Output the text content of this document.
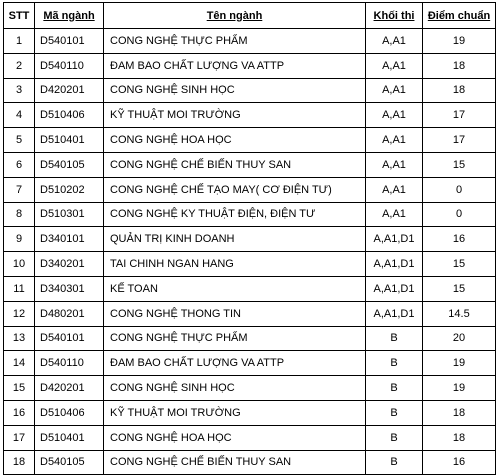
STT	Mã ngành	Tên ngành	Khối thi	Điểm chuẩn
1	D540101	CONG NGHỆ THỰC PHẨM	A,A1	19
2	D540110	ĐAM BAO CHẤT LƯỢNG VA ATTP	A,A1	18
3	D420201	CONG NGHỆ SINH HỌC	A,A1	18
4	D510406	KỸ THUẬT MOI TRƯỜNG	A,A1	17
5	D510401	CONG NGHỆ HOA HỌC	A,A1	17
6	D540105	CONG NGHỆ CHẾ BIẾN THUY SAN	A,A1	15
7	D510202	CONG NGHỆ CHẾ TẠO MAY( CƠ ĐIỆN TƯ)	A,A1	0
8	D510301	CONG NGHỆ KY THUẬT ĐIỆN, ĐIỆN TƯ	A,A1	0
9	D340101	QUẢN TRỊ KINH DOANH	A,A1,D1	16
10	D340201	TAI CHINH NGAN HANG	A,A1,D1	15
11	D340301	KẾ TOAN	A,A1,D1	15
12	D480201	CONG NGHỆ THONG TIN	A,A1,D1	14.5
13	D540101	CONG NGHỆ THỰC PHẨM	B	20
14	D540110	ĐAM BAO CHẤT LƯỢNG VA ATTP	B	19
15	D420201	CONG NGHỆ SINH HỌC	B	19
16	D510406	KỸ THUẬT MOI TRƯỜNG	B	18
17	D510401	CONG NGHỆ HOA HỌC	B	18
18	D540105	CONG NGHỆ CHẾ BIẾN THUY SAN	B	16
